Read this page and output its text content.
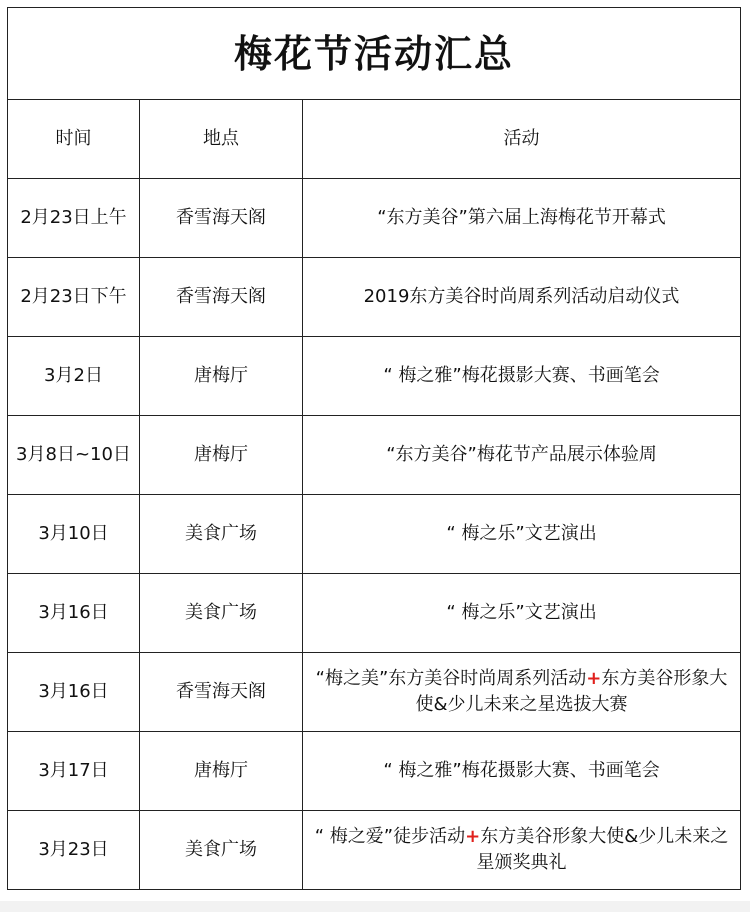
梅花节活动汇总		
时间	地点	活动
2月23日上午	香雪海天阁	“东方美谷”第六届上海梅花节开幕式
2月23日下午	香雪海天阁	2019东方美谷时尚周系列活动启动仪式
3月2日	唐梅厅	“ 梅之雅”梅花摄影大赛、书画笔会
3月8日~10日	唐梅厅	“东方美谷”梅花节产品展示体验周
3月10日	美食广场	“ 梅之乐”文艺演出
3月16日	美食广场	“ 梅之乐”文艺演出
3月16日	香雪海天阁	“梅之美”东方美谷时尚周系列活动+东方美谷形象大使&少儿未来之星选拔大赛
3月17日	唐梅厅	“ 梅之雅”梅花摄影大赛、书画笔会
3月23日	美食广场	“ 梅之爱”徒步活动+东方美谷形象大使&少儿未来之星颁奖典礼
